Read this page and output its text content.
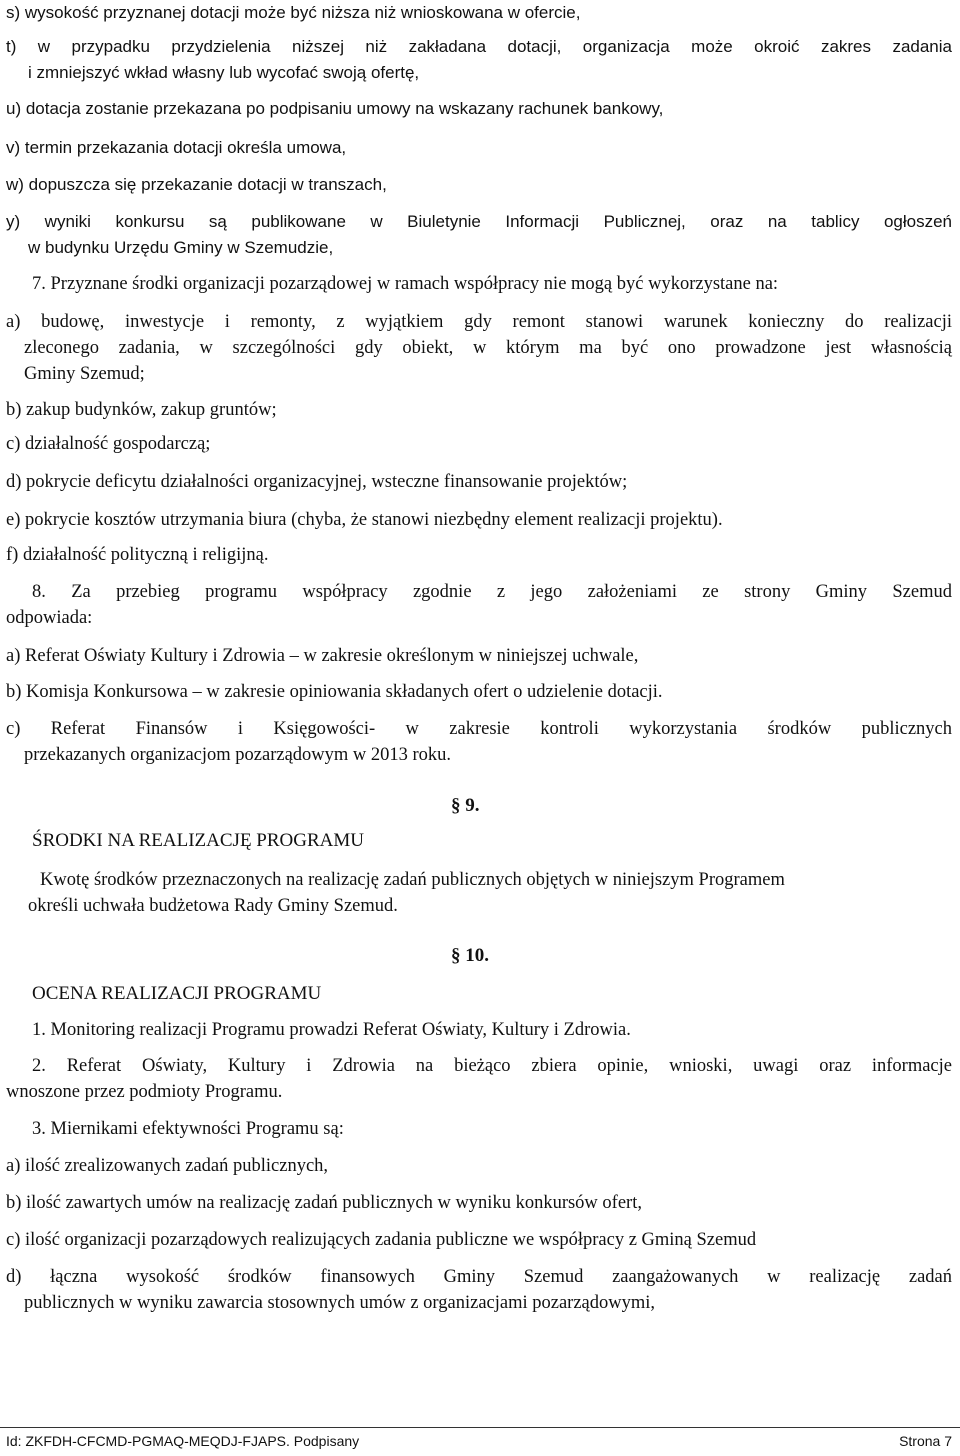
s) wysokość przyznanej dotacji może być niższa niż wnioskowana w ofercie,
t) w przypadku przydzielenia niższej niż zakładana dotacji, organizacja może okroić zakres zadania
i zmniejszyć wkład własny lub wycofać swoją ofertę,
u) dotacja zostanie przekazana po podpisaniu umowy na wskazany rachunek bankowy,
v) termin przekazania dotacji określa umowa,
w) dopuszcza się przekazanie dotacji w transzach,
y) wyniki konkursu są publikowane w Biuletynie Informacji Publicznej, oraz na tablicy ogłoszeń
w budynku Urzędu Gminy w Szemudzie,
7. Przyznane środki organizacji pozarządowej w ramach współpracy nie mogą być wykorzystane na:
a) budowę, inwestycje i remonty, z wyjątkiem gdy remont stanowi warunek konieczny do realizacji
zleconego zadania, w szczególności gdy obiekt, w którym ma być ono prowadzone jest własnością
Gminy Szemud;
b) zakup budynków, zakup gruntów;
c) działalność gospodarczą;
d) pokrycie deficytu działalności organizacyjnej, wsteczne finansowanie projektów;
e) pokrycie kosztów utrzymania biura (chyba, że stanowi niezbędny element realizacji projektu).
f) działalność polityczną i religijną.
8. Za przebieg programu współpracy zgodnie z jego założeniami ze strony Gminy Szemud
odpowiada:
a) Referat Oświaty Kultury i Zdrowia – w zakresie określonym w niniejszej uchwale,
b) Komisja Konkursowa – w zakresie opiniowania składanych ofert o udzielenie dotacji.
c) Referat Finansów i Księgowości- w zakresie kontroli wykorzystania środków publicznych
przekazanych organizacjom pozarządowym w 2013 roku.
§ 9.
ŚRODKI NA REALIZACJĘ PROGRAMU
Kwotę środków przeznaczonych na realizację zadań publicznych objętych w niniejszym Programem
określi uchwała budżetowa Rady Gminy Szemud.
§ 10.
OCENA REALIZACJI PROGRAMU
1. Monitoring realizacji Programu prowadzi Referat Oświaty, Kultury i Zdrowia.
2. Referat Oświaty, Kultury i Zdrowia na bieżąco zbiera opinie, wnioski, uwagi oraz informacje
wnoszone przez podmioty Programu.
3. Miernikami efektywności Programu są:
a) ilość zrealizowanych zadań publicznych,
b) ilość zawartych umów na realizację zadań publicznych w wyniku konkursów ofert,
c) ilość organizacji pozarządowych realizujących zadania publiczne we współpracy z Gminą Szemud
d) łączna wysokość środków finansowych Gminy Szemud zaangażowanych w realizację zadań
publicznych w wyniku zawarcia stosownych umów z organizacjami pozarządowymi,
Id: ZKFDH-CFCMD-PGMAQ-MEQDJ-FJAPS. Podpisany	Strona 7
